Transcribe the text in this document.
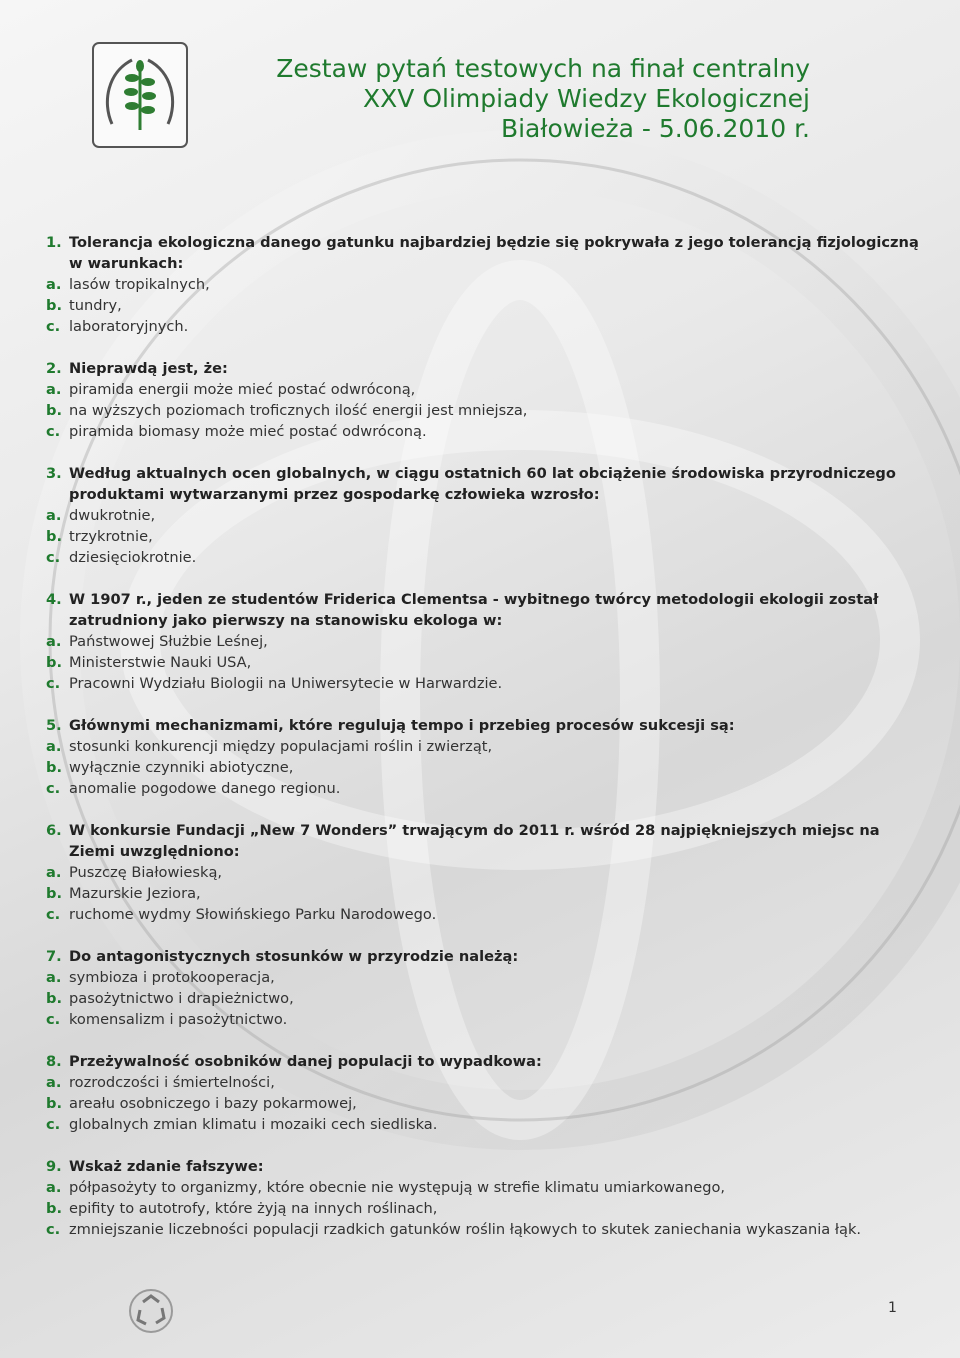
Zestaw pytań testowych na finał centralny
XXV Olimpiady Wiedzy Ekologicznej
Białowieża - 5.06.2010 r.
1. Tolerancja ekologiczna danego gatunku najbardziej będzie się pokrywała z jego tolerancją fizjologiczną w warunkach:
a. lasów tropikalnych,
b. tundry,
c. laboratoryjnych.
2. Nieprawdą jest, że:
a. piramida energii może mieć postać odwróconą,
b. na wyższych poziomach troficznych ilość energii jest mniejsza,
c. piramida biomasy może mieć postać odwróconą.
3. Według aktualnych ocen globalnych, w ciągu ostatnich 60 lat obciążenie środowiska przyrodniczego produktami wytwarzanymi przez gospodarkę człowieka wzrosło:
a. dwukrotnie,
b. trzykrotnie,
c. dziesięciokrotnie.
4. W 1907 r., jeden ze studentów Friderica Clementsa - wybitnego twórcy metodologii ekologii został zatrudniony jako pierwszy na stanowisku ekologa w:
a. Państwowej Służbie Leśnej,
b. Ministerstwie Nauki USA,
c. Pracowni Wydziału Biologii na Uniwersytecie w Harwardzie.
5. Głównymi mechanizmami, które regulują tempo i przebieg procesów sukcesji są:
a. stosunki konkurencji między populacjami roślin i zwierząt,
b. wyłącznie czynniki abiotyczne,
c. anomalie pogodowe danego regionu.
6. W konkursie Fundacji „New 7 Wonders” trwającym do 2011 r. wśród 28 najpiękniejszych miejsc na Ziemi uwzględniono:
a. Puszczę Białowieską,
b. Mazurskie Jeziora,
c. ruchome wydmy Słowińskiego Parku Narodowego.
7. Do antagonistycznych stosunków w przyrodzie należą:
a. symbioza i protokooperacja,
b. pasożytnictwo i drapieżnictwo,
c. komensalizm i pasożytnictwo.
8. Przeżywalność osobników danej populacji to wypadkowa:
a. rozrodczości i śmiertelności,
b. areału osobniczego i bazy pokarmowej,
c. globalnych zmian klimatu i mozaiki cech siedliska.
9. Wskaż zdanie fałszywe:
a. półpasożyty to organizmy, które obecnie nie występują w strefie klimatu umiarkowanego,
b. epifity to autotrofy, które żyją na innych roślinach,
c. zmniejszanie liczebności populacji rzadkich gatunków roślin łąkowych to skutek zaniechania wykaszania łąk.
1
